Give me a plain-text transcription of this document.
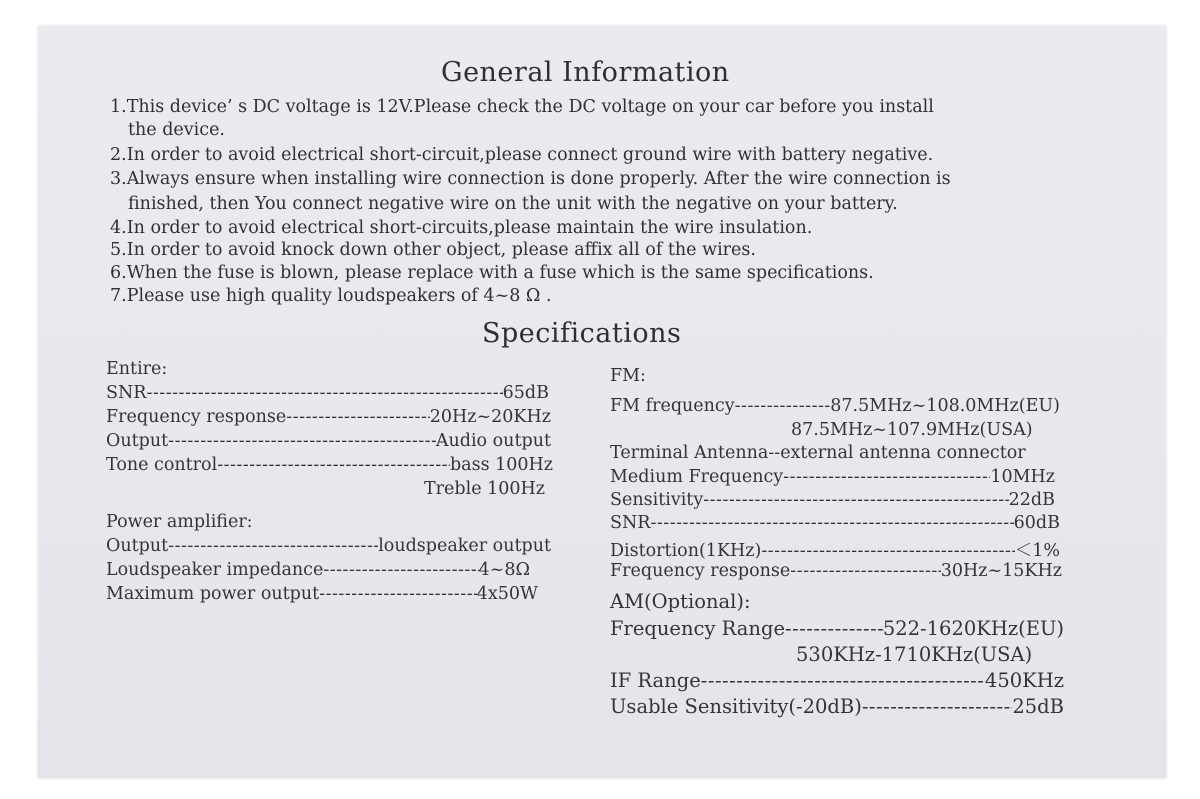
General Information
1.This device’ s DC voltage is 12V.Please check the DC voltage on your car before you install
the device.
2.In order to avoid electrical short-circuit,please connect ground wire with battery negative.
3.Always ensure when installing wire connection is done properly. After the wire connection is
finished, then You connect negative wire on the unit with the negative on your battery.
4.In order to avoid electrical short-circuits,please maintain the wire insulation.
5.In order to avoid knock down other object, please affix all of the wires.
6.When the fuse is blown, please replace with a fuse which is the same specifications.
7.Please use high quality loudspeakers of 4~8 Ω .
Specifications
Entire:
SNR -----	65dB
Frequency response -----	20Hz~20KHz
Output -----	Audio output
Tone control -----	bass 100Hz
Treble 100Hz
Power amplifier:
Output -----	loudspeaker output
Loudspeaker impedance -----	4~8Ω
Maximum power output -----	4x50W
FM:
FM frequency -----	87.5MHz~108.0MHz(EU)
87.5MHz~107.9MHz(USA)
Terminal Antenna--external antenna connector
Medium Frequency -----	10MHz
Sensitivity -----	22dB
SNR -----	60dB
Distortion(1KHz) -----	＜1%
Frequency response -----	30Hz~15KHz
AM(Optional):
Frequency Range -----	522-1620KHz(EU)
530KHz-1710KHz(USA)
IF Range -----	450KHz
Usable Sensitivity(-20dB) -----	25dB
